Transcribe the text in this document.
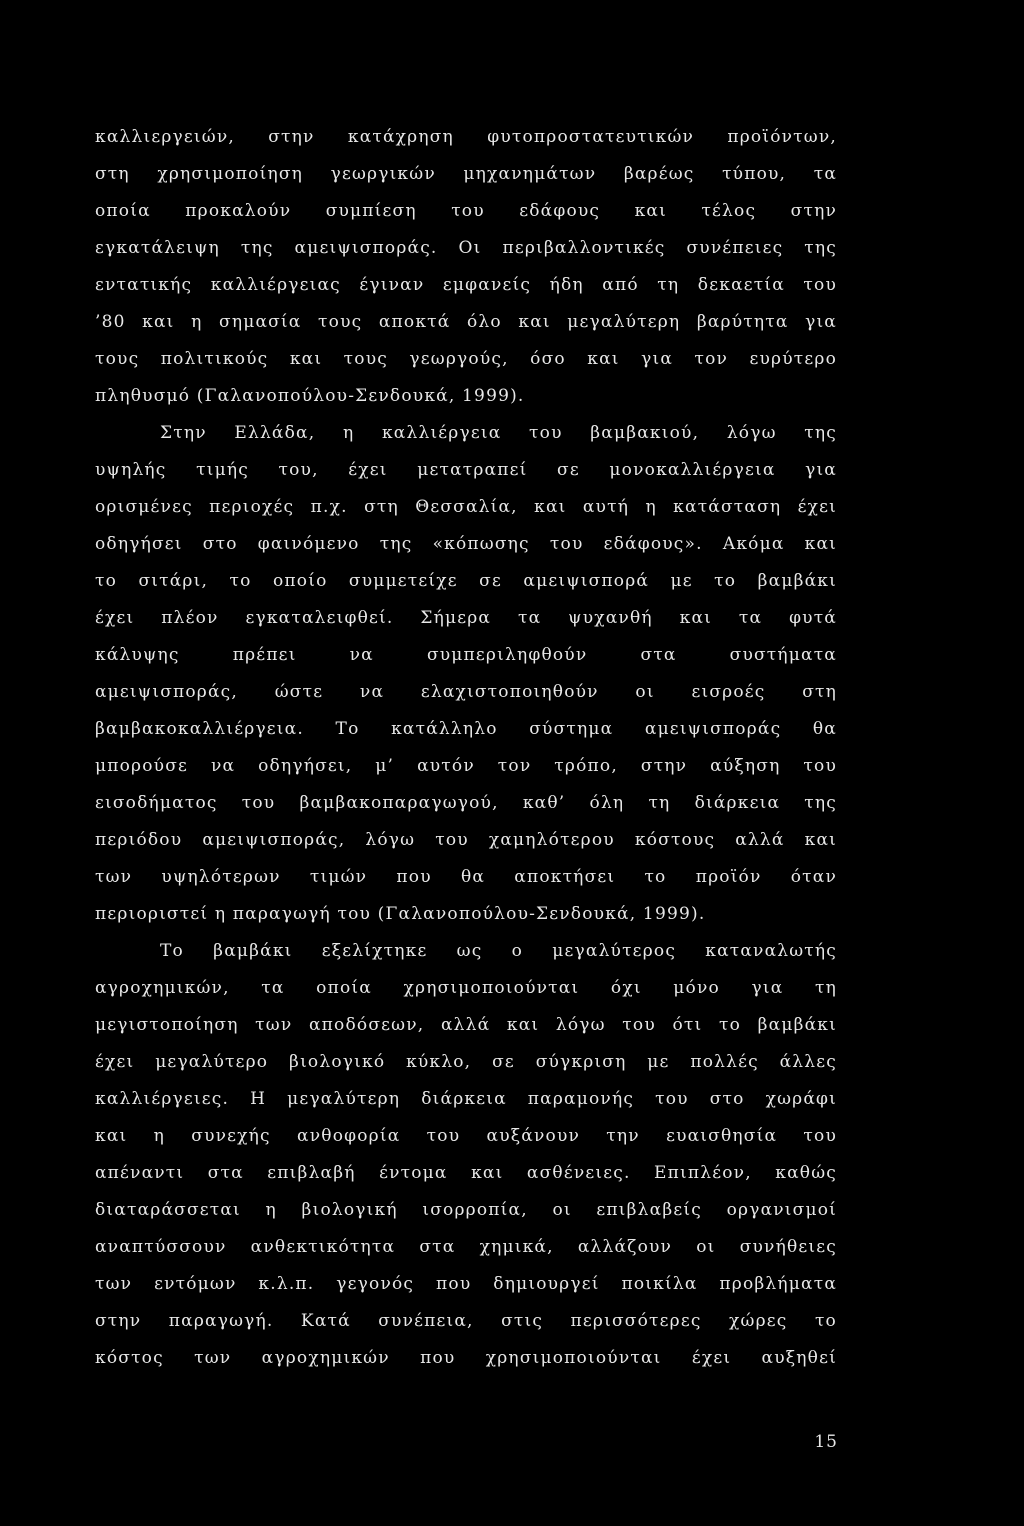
καλλιεργειών, στην κατάχρηση φυτοπροστατευτικών προϊόντων,
στη χρησιμοποίηση γεωργικών μηχανημάτων βαρέως τύπου, τα
οποία προκαλούν συμπίεση του εδάφους και τέλος στην
εγκατάλειψη της αμειψισποράς. Οι περιβαλλοντικές συνέπειες της
εντατικής καλλιέργειας έγιναν εμφανείς ήδη από τη δεκαετία του
’80 και η σημασία τους αποκτά όλο και μεγαλύτερη βαρύτητα για
τους πολιτικούς και τους γεωργούς, όσο και για τον ευρύτερο
πληθυσμό (Γαλανοπούλου-Σενδουκά, 1999).
Στην Ελλάδα, η καλλιέργεια του βαμβακιού, λόγω της
υψηλής τιμής του, έχει μετατραπεί σε μονοκαλλιέργεια για
ορισμένες περιοχές π.χ. στη Θεσσαλία, και αυτή η κατάσταση έχει
οδηγήσει στο φαινόμενο της «κόπωσης του εδάφους». Ακόμα και
το σιτάρι, το οποίο συμμετείχε σε αμειψισπορά με το βαμβάκι
έχει πλέον εγκαταλειφθεί. Σήμερα τα ψυχανθή και τα φυτά
κάλυψης πρέπει να συμπεριληφθούν στα συστήματα
αμειψισποράς, ώστε να ελαχιστοποιηθούν οι εισροές στη
βαμβακοκαλλιέργεια. Το κατάλληλο σύστημα αμειψισποράς θα
μπορούσε να οδηγήσει, μ’ αυτόν τον τρόπο, στην αύξηση του
εισοδήματος του βαμβακοπαραγωγού, καθ’ όλη τη διάρκεια της
περιόδου αμειψισποράς, λόγω του χαμηλότερου κόστους αλλά και
των υψηλότερων τιμών που θα αποκτήσει το προϊόν όταν
περιοριστεί η παραγωγή του (Γαλανοπούλου-Σενδουκά, 1999).
Το βαμβάκι εξελίχτηκε ως ο μεγαλύτερος καταναλωτής
αγροχημικών, τα οποία χρησιμοποιούνται όχι μόνο για τη
μεγιστοποίηση των αποδόσεων, αλλά και λόγω του ότι το βαμβάκι
έχει μεγαλύτερο βιολογικό κύκλο, σε σύγκριση με πολλές άλλες
καλλιέργειες. Η μεγαλύτερη διάρκεια παραμονής του στο χωράφι
και η συνεχής ανθοφορία του αυξάνουν την ευαισθησία του
απέναντι στα επιβλαβή έντομα και ασθένειες. Επιπλέον, καθώς
διαταράσσεται η βιολογική ισορροπία, οι επιβλαβείς οργανισμοί
αναπτύσσουν ανθεκτικότητα στα χημικά, αλλάζουν οι συνήθειες
των εντόμων κ.λ.π. γεγονός που δημιουργεί ποικίλα προβλήματα
στην παραγωγή. Κατά συνέπεια, στις περισσότερες χώρες το
κόστος των αγροχημικών που χρησιμοποιούνται έχει αυξηθεί
15
